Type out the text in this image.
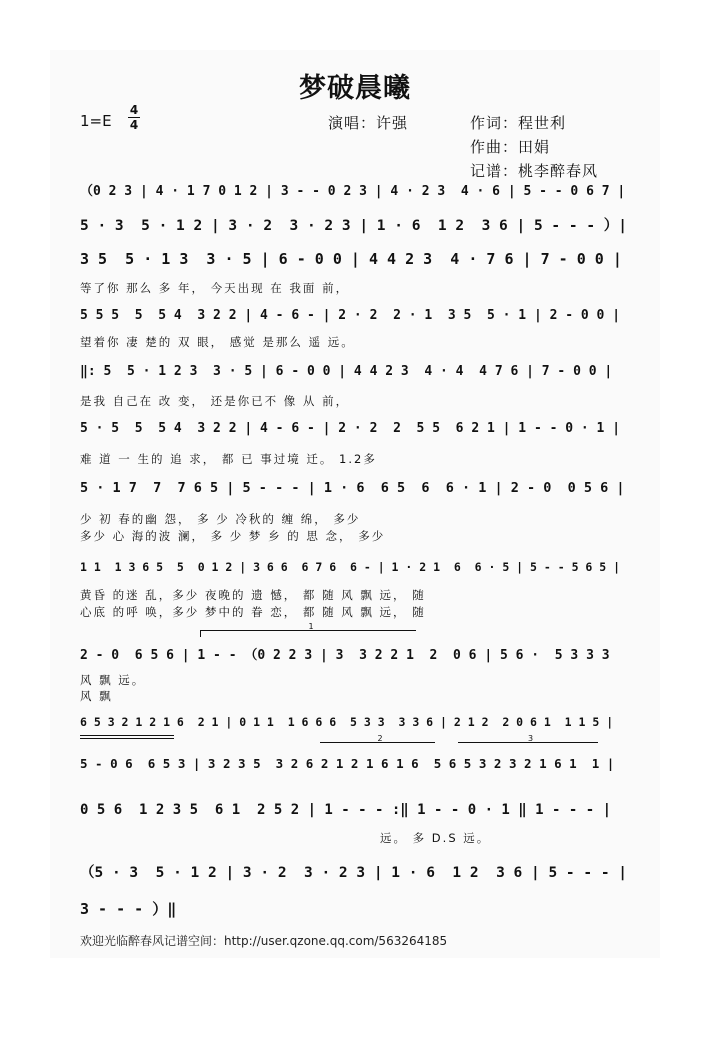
梦破晨曦
1=E
4
4	演唱：许强	作词：程世利
作曲：田娟
记谱：桃李醉春风
（0 2 3 | 4 · 1 7 0 1 2 | 3 - - 0 2 3 | 4 · 2 3  4 · 6 | 5 - - 0 6 7 |
5 · 3  5 · 1 2 | 3 · 2  3 · 2 3 | 1 · 6  1 2  3 6 | 5 - - - ）|
3 5  5 · 1 3  3 · 5 | 6 - 0 0 | 4 4 2 3  4 · 7 6 | 7 - 0 0 |
等了你 那么 多 年， 今天出现 在 我面 前，
5 5 5  5  5 4  3 2 2 | 4 - 6 - | 2 · 2  2 · 1  3 5  5 · 1 | 2 - 0 0 |
望着你 凄 楚的 双 眼， 感觉 是那么 遥 远。
‖: 5  5 · 1 2 3  3 · 5 | 6 - 0 0 | 4 4 2 3  4 · 4  4 7 6 | 7 - 0 0 |
是我 自己在 改 变， 还是你已不 像 从 前，
5 · 5  5  5 4  3 2 2 | 4 - 6 - | 2 · 2  2  5 5  6 2 1 | 1 - - 0 · 1 |
难 道 一 生的 追 求， 都 已 事过境 迁。 1.2多
5 · 1 7  7  7 6 5 | 5 - - - | 1 · 6  6 5  6  6 · 1 | 2 - 0  0 5 6 |
少 初 春的幽 怨， 多 少 冷秋的 缠 绵， 多少
多少 心 海的波 澜， 多 少 梦 乡 的 思 念， 多少
1 1  1 3 6 5  5  0 1 2 | 3 6 6  6 7 6  6 - | 1 · 2 1  6  6 · 5 | 5 - - 5 6 5 |
黄昏 的迷 乱，多少 夜晚的 遗 憾， 都 随 风 飘 远， 随
心底 的呼 唤，多少 梦中的 眷 恋， 都 随 风 飘 远， 随
1
2 - 0  6 5 6 | 1 - - （0 2 2 3 | 3  3 2 2 1  2  0 6 | 5 6 ·  5 3 3 3
风 飘 远。
风 飘
6 5 3 2 1 2 1 6  2 1 | 0 1 1  1 6 6 6  5 3 3  3 3 6 | 2 1 2  2 0 6 1  1 1 5 |
2	3
5 - 0 6  6 5 3 | 3 2 3 5  3 2 6 2 1 2 1 6 1 6  5 6 5 3 2 3 2 1 6 1  1 |
0 5 6  1 2 3 5  6 1  2 5 2 | 1 - - - :‖ 1 - - 0 · 1 ‖ 1 - - - |
远。 多 D.S 远。
（5 · 3  5 · 1 2 | 3 · 2  3 · 2 3 | 1 · 6  1 2  3 6 | 5 - - - |
3 - - - ）‖
欢迎光临醉春风记谱空间：http://user.qzone.qq.com/563264185
